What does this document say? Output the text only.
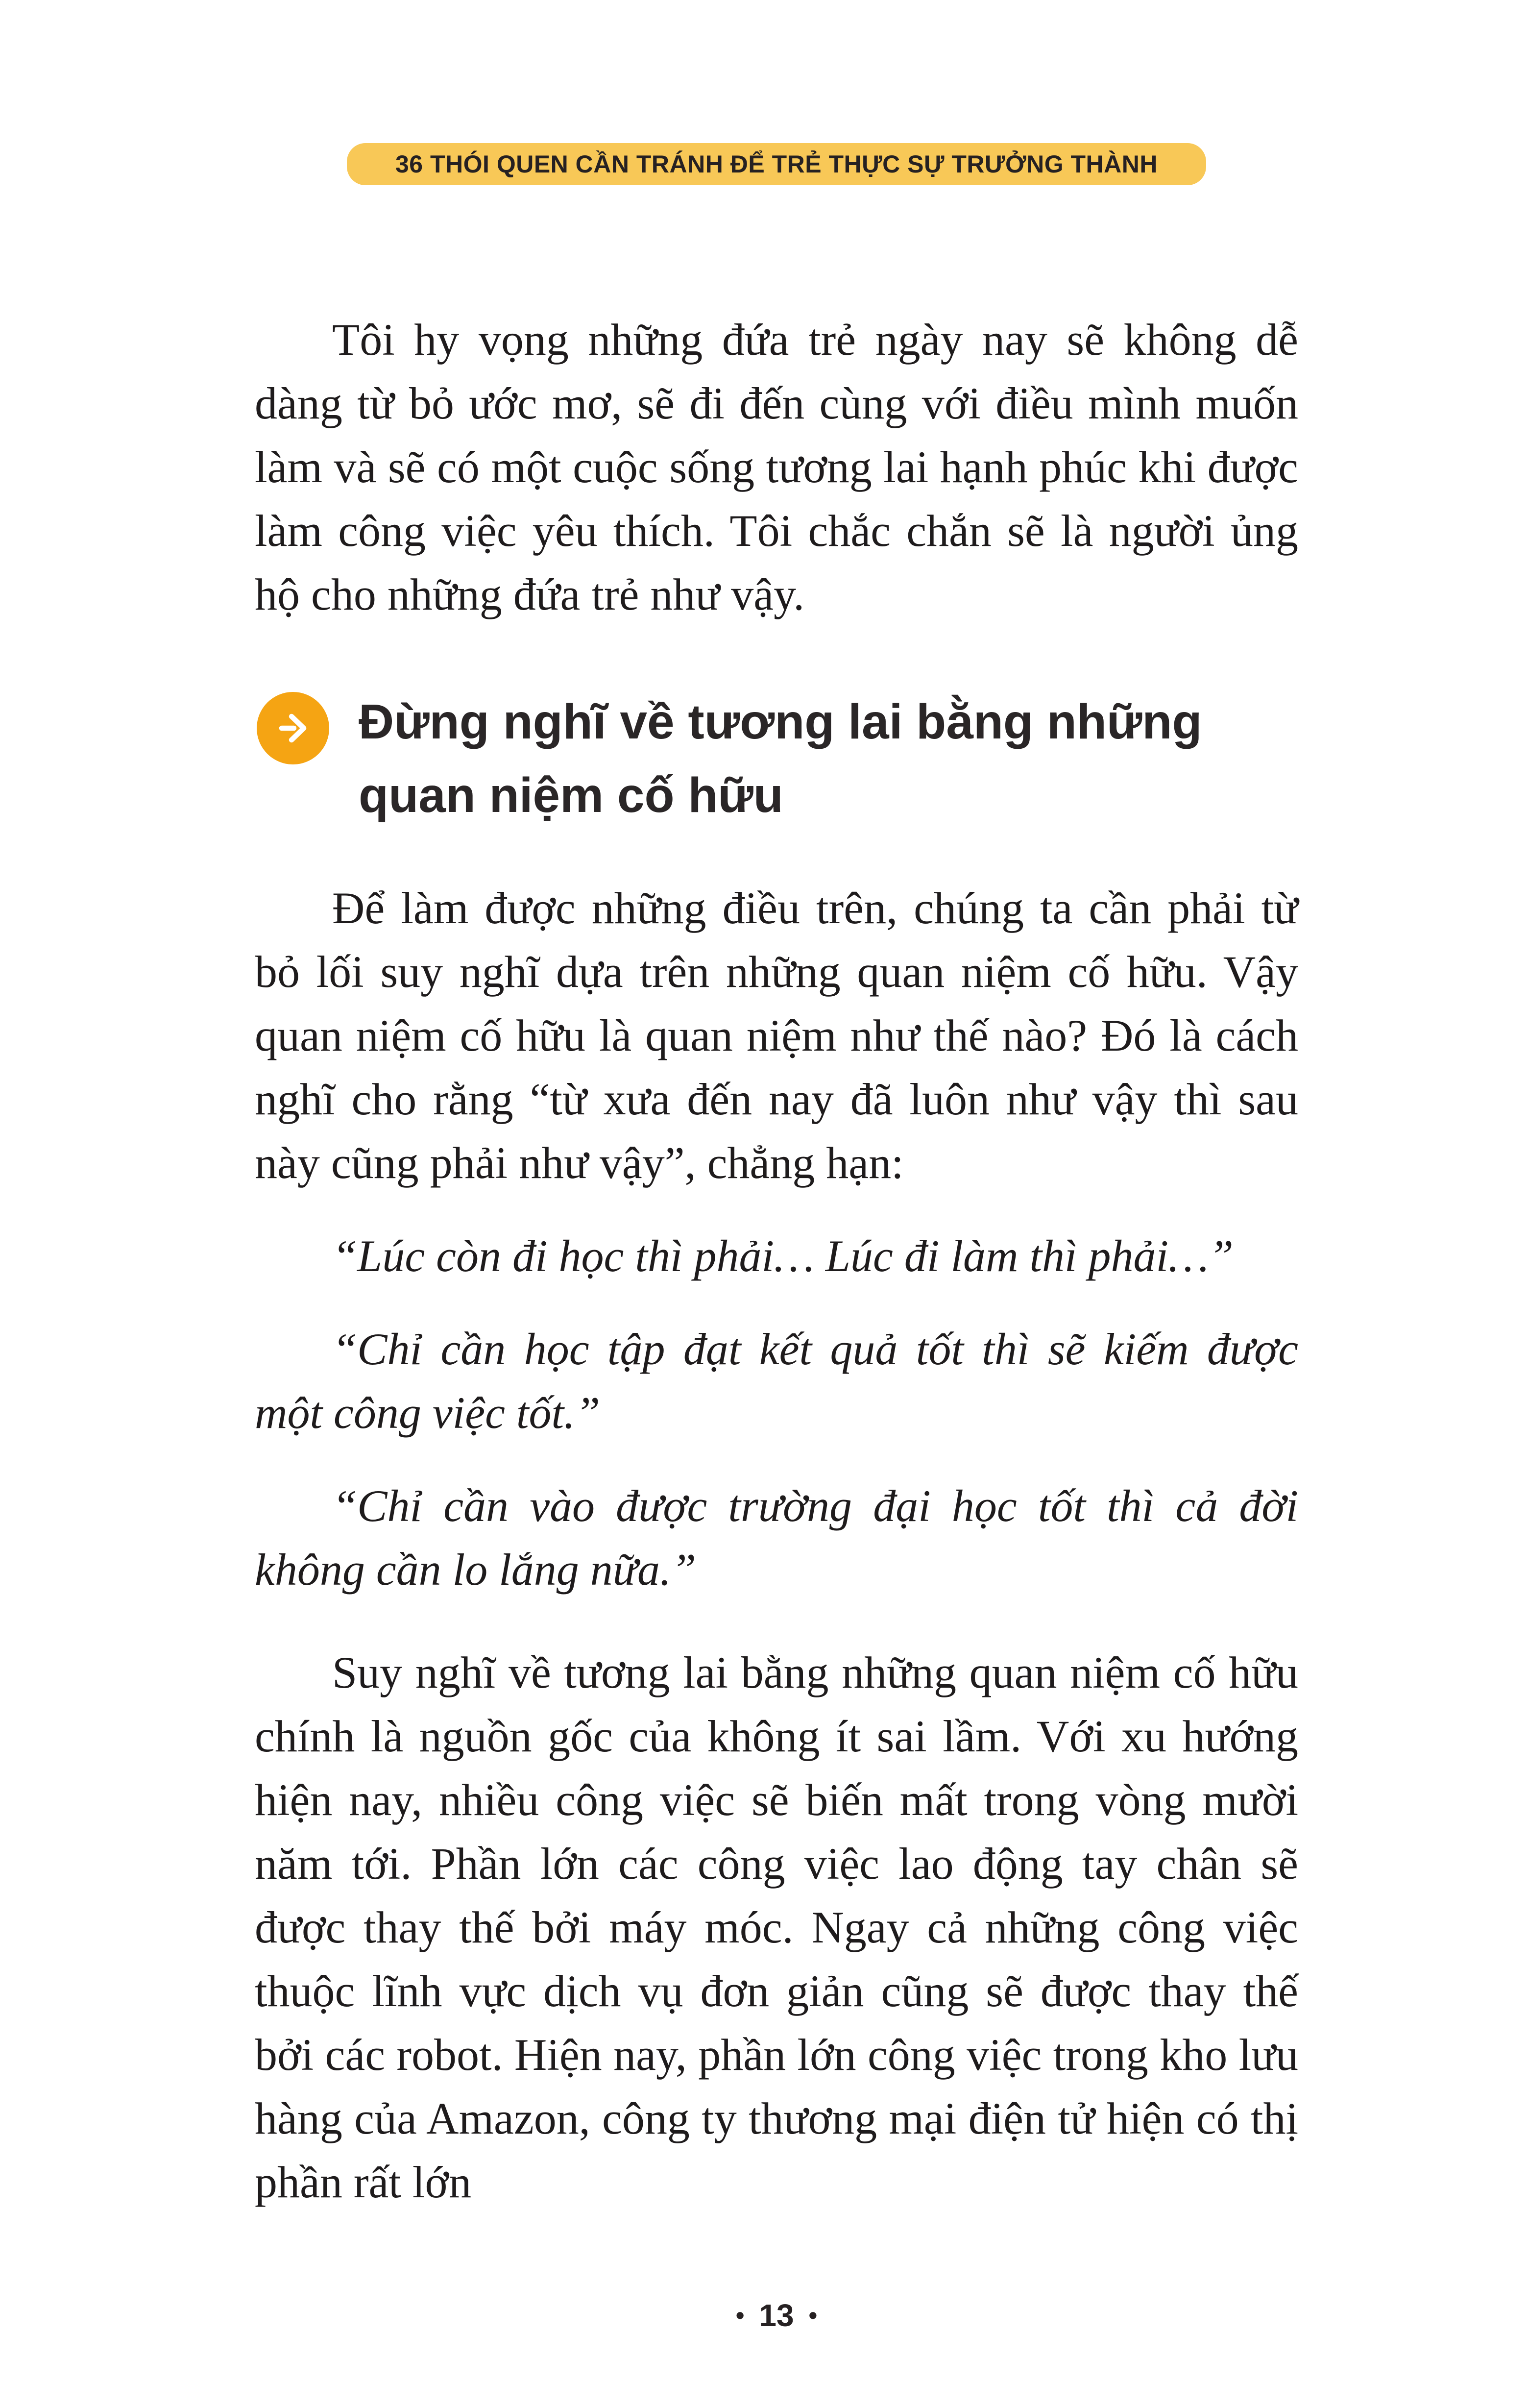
36 THÓI QUEN CẦN TRÁNH ĐỂ TRẺ THỰC SỰ TRƯỞNG THÀNH

Tôi hy vọng những đứa trẻ ngày nay sẽ không dễ dàng từ bỏ ước mơ, sẽ đi đến cùng với điều mình muốn làm và sẽ có một cuộc sống tương lai hạnh phúc khi được làm công việc yêu thích. Tôi chắc chắn sẽ là người ủng hộ cho những đứa trẻ như vậy.

Đừng nghĩ về tương lai bằng những quan niệm cố hữu

Để làm được những điều trên, chúng ta cần phải từ bỏ lối suy nghĩ dựa trên những quan niệm cố hữu. Vậy quan niệm cố hữu là quan niệm như thế nào? Đó là cách nghĩ cho rằng “từ xưa đến nay đã luôn như vậy thì sau này cũng phải như vậy”, chẳng hạn:

“Lúc còn đi học thì phải… Lúc đi làm thì phải…”

“Chỉ cần học tập đạt kết quả tốt thì sẽ kiếm được một công việc tốt.”

“Chỉ cần vào được trường đại học tốt thì cả đời không cần lo lắng nữa.”

Suy nghĩ về tương lai bằng những quan niệm cố hữu chính là nguồn gốc của không ít sai lầm. Với xu hướng hiện nay, nhiều công việc sẽ biến mất trong vòng mười năm tới. Phần lớn các công việc lao động tay chân sẽ được thay thế bởi máy móc. Ngay cả những công việc thuộc lĩnh vực dịch vụ đơn giản cũng sẽ được thay thế bởi các robot. Hiện nay, phần lớn công việc trong kho lưu hàng của Amazon, công ty thương mại điện tử hiện có thị phần rất lớn

• 13 •
